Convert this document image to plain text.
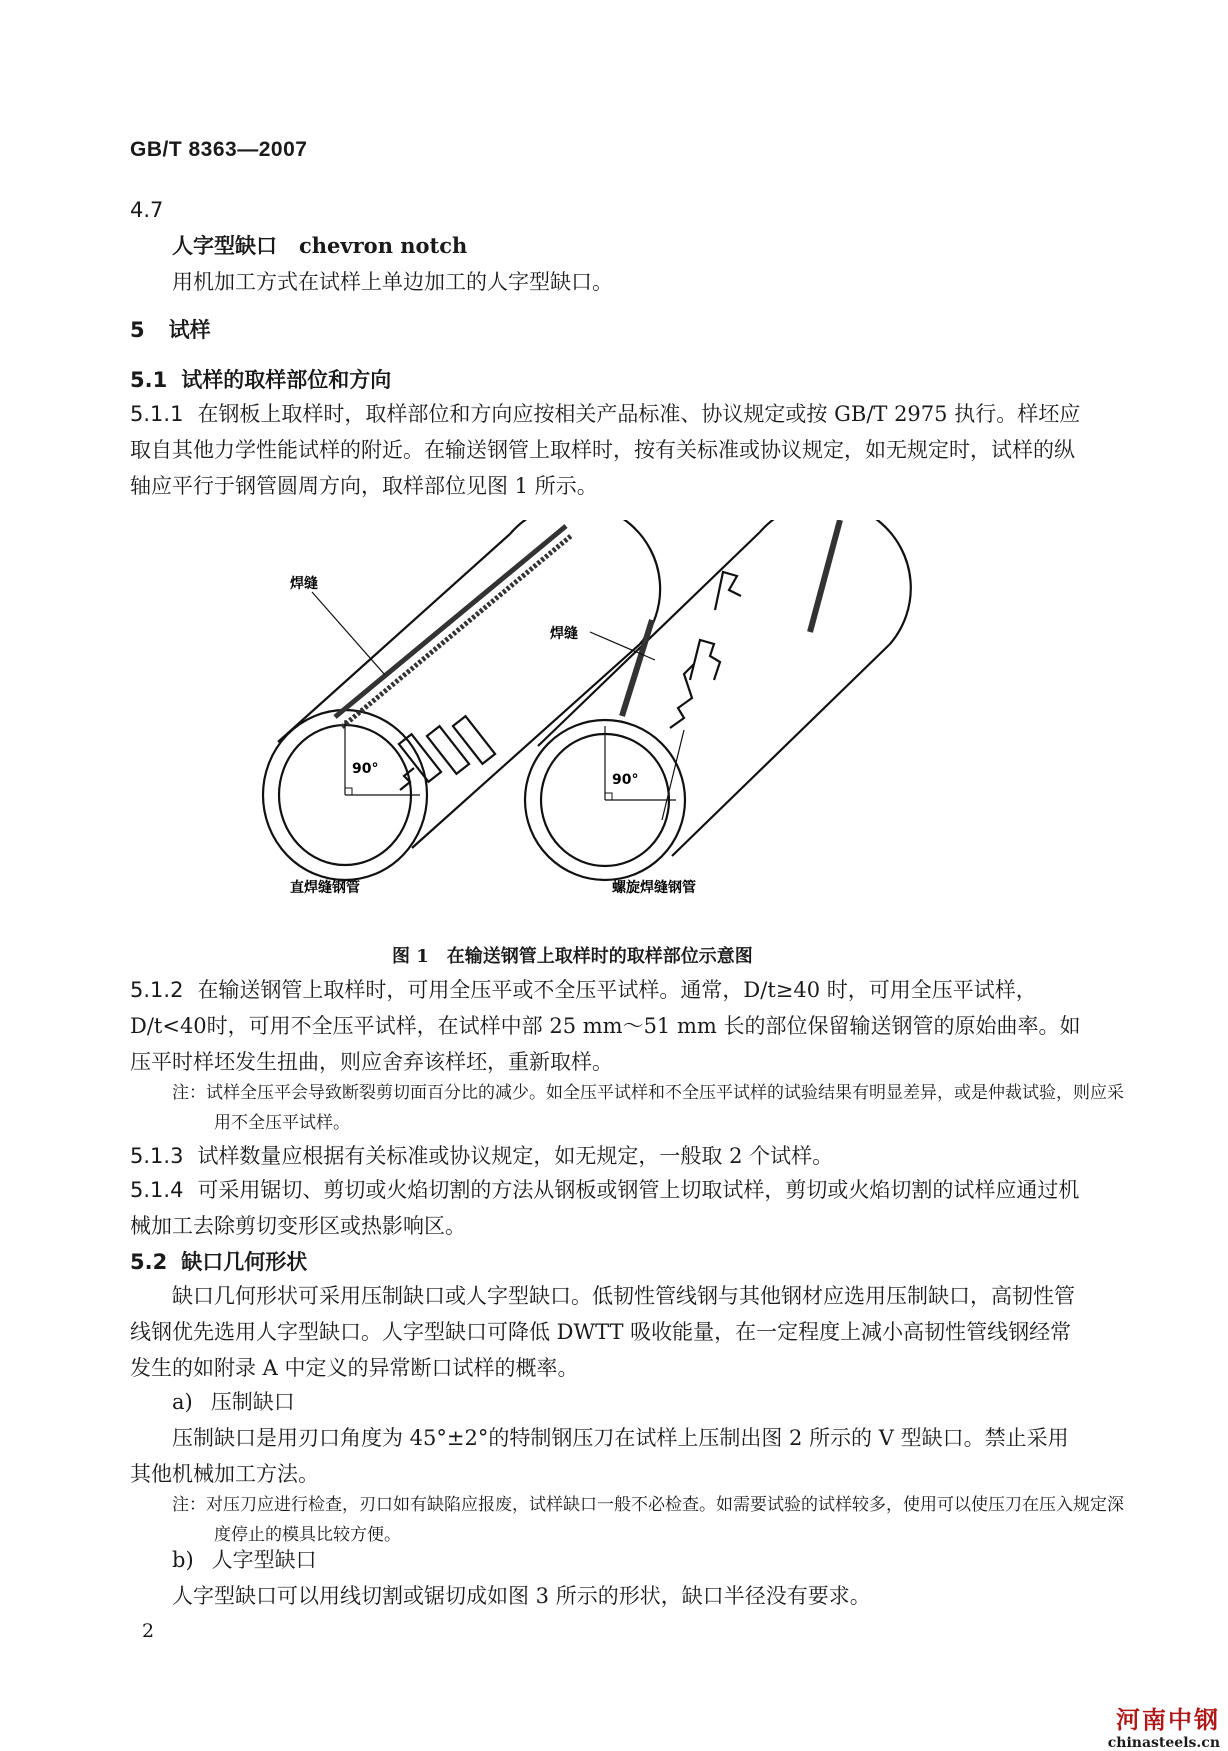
GB/T 8363—2007
4.7
人字型缺口 chevron notch
用机加工方式在试样上单边加工的人字型缺口。
5 试样
5.1 试样的取样部位和方向
5.1.1 在钢板上取样时，取样部位和方向应按相关产品标准、协议规定或按 GB/T 2975 执行。样坯应取自其他力学性能试样的附近。在输送钢管上取样时，按有关标准或协议规定，如无规定时，试样的纵轴应平行于钢管圆周方向，取样部位见图 1 所示。
焊缝
90°
90°
焊缝
直焊缝钢管	螺旋焊缝钢管
图 1　在输送钢管上取样时的取样部位示意图
5.1.2 在输送钢管上取样时，可用全压平或不全压平试样。通常，D/t≥40 时，可用全压平试样，D/t<40时，可用不全压平试样，在试样中部 25 mm～51 mm 长的部位保留输送钢管的原始曲率。如压平时样坯发生扭曲，则应舍弃该样坯，重新取样。
注：试样全压平会导致断裂剪切面百分比的减少。如全压平试样和不全压平试样的试验结果有明显差异，或是仲裁试验，则应采用不全压平试样。
5.1.3 试样数量应根据有关标准或协议规定，如无规定，一般取 2 个试样。
5.1.4 可采用锯切、剪切或火焰切割的方法从钢板或钢管上切取试样，剪切或火焰切割的试样应通过机械加工去除剪切变形区或热影响区。
5.2 缺口几何形状
缺口几何形状可采用压制缺口或人字型缺口。低韧性管线钢与其他钢材应选用压制缺口，高韧性管线钢优先选用人字型缺口。人字型缺口可降低 DWTT 吸收能量，在一定程度上减小高韧性管线钢经常发生的如附录 A 中定义的异常断口试样的概率。
a) 压制缺口
压制缺口是用刃口角度为 45°±2°的特制钢压刀在试样上压制出图 2 所示的 V 型缺口。禁止采用其他机械加工方法。
注：对压刀应进行检查，刃口如有缺陷应报废，试样缺口一般不必检查。如需要试验的试样较多，使用可以使压刀在压入规定深度停止的模具比较方便。
b) 人字型缺口
人字型缺口可以用线切割或锯切成如图 3 所示的形状，缺口半径没有要求。
2
河南中钢
chinasteels.cn
